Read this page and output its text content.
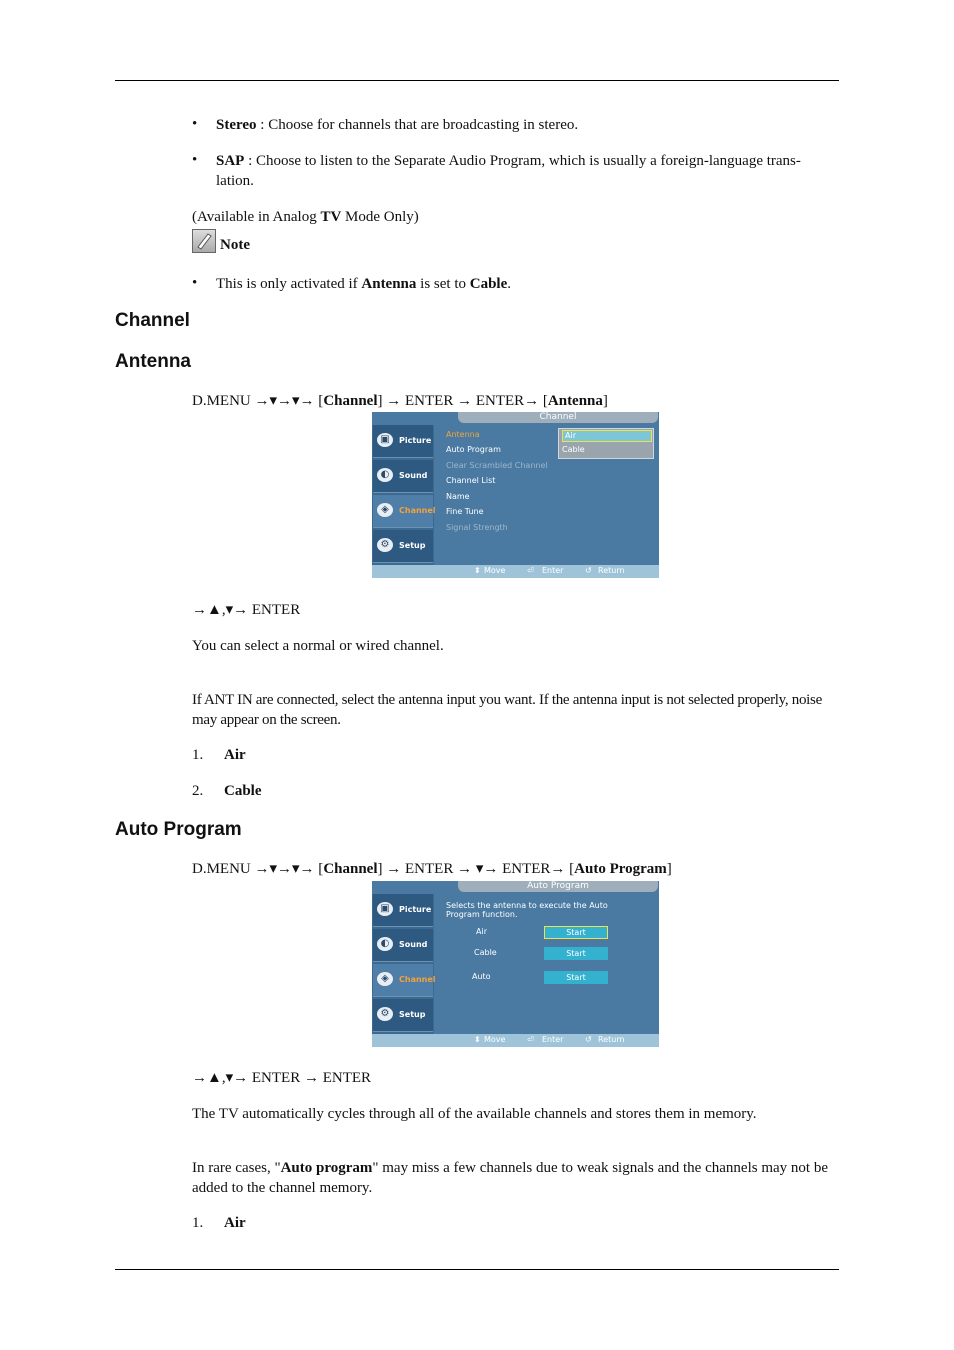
• Stereo : Choose for channels that are broadcasting in stereo.
• SAP : Choose to listen to the Separate Audio Program, which is usually a foreign-language trans-
lation.
(Available in Analog TV Mode Only)
Note
• This is only activated if Antenna is set to Cable.
Channel
Antenna
D.MENU →▾→▾→ [Channel] → ENTER → ENTER→ [Antenna]
Channel
▣	Picture
◐	Sound
◈	Channel
⚙	Setup
Antenna
Auto Program
Clear Scrambled Channel
Channel List
Name
Fine Tune
Signal Strength
Air
Cable
⬍ Move	⏎ Enter	↺ Return
→▲,▾→ ENTER
You can select a normal or wired channel.
If ANT IN are connected, select the antenna input you want. If the antenna input is not selected properly, noise may appear on the screen.
1. Air
2. Cable
Auto Program
D.MENU →▾→▾→ [Channel] → ENTER → ▾→ ENTER→ [Auto Program]
Auto Program
▣	Picture
◐	Sound
◈	Channel
⚙	Setup
Selects the antenna to execute the Auto Program function.
Air	Start
Cable	Start
Auto	Start
⬍ Move	⏎ Enter	↺ Return
→▲,▾→ ENTER → ENTER
The TV automatically cycles through all of the available channels and stores them in memory.
In rare cases, "Auto program" may miss a few channels due to weak signals and the channels may not be added to the channel memory.
1. Air
